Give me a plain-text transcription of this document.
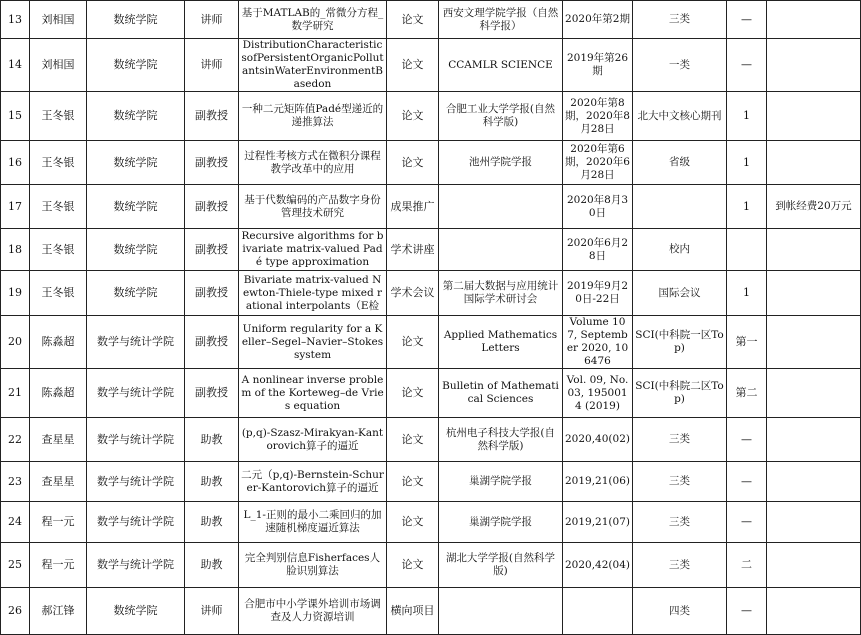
13	刘相国	数统学院	讲师	基于MATLAB的_常微分方程_数学研究	论文	西安文理学院学报（自然科学报）	2020年第2期	三类	—	
14	刘相国	数统学院	讲师	DistributionCharacteristicsofPersistentOrganicPollutantsinWaterEnvironmentBasedon	论文	CCAMLR SCIENCE	2019年第26期	一类	—	
15	王冬银	数统学院	副教授	一种二元矩阵值Padé型递近的递推算法	论文	合肥工业大学学报(自然科学版)	2020年第8期，2020年8月28日	北大中文核心期刊	1	
16	王冬银	数统学院	副教授	过程性考核方式在微积分课程教学改革中的应用	论文	池州学院学报	2020年第6期，2020年6月28日	省级	1	
17	王冬银	数统学院	副教授	基于代数编码的产品数字身份管理技术研究	成果推广		2020年8月30日		1	到帐经费20万元
18	王冬银	数统学院	副教授	Recursive algorithms for bivariate matrix-valued Padé type approximation	学术讲座		2020年6月28日	校内		
19	王冬银	数统学院	副教授	Bivariate matrix-valued Newton-Thiele-type mixed rational interpolants（Ε检	学术会议	第二届大数据与应用统计国际学术研讨会	2019年9月20日-22日	国际会议	1	
20	陈淼超	数学与统计学院	副教授	Uniform regularity for a Keller–Segel–Navier–Stokes system	论文	Applied Mathematics Letters	Volume 107, September 2020, 106476	SCI(中科院一区Top)	第一	
21	陈淼超	数学与统计学院	副教授	A nonlinear inverse problem of the Korteweg–de Vries equation	论文	Bulletin of Mathematical Sciences	Vol. 09, No. 03, 1950014 (2019)	SCI(中科院二区Top)	第二	
22	查星星	数学与统计学院	助教	(p,q)-Szasz-Mirakyan-Kantorovich算子的逼近	论文	杭州电子科技大学报(自然科学版)	2020,40(02)	三类	—	
23	查星星	数学与统计学院	助教	二元（p,q)-Bernstein-Schurer-Kantorovich算子的逼近	论文	巢湖学院学报	2019,21(06)	三类	—	
24	程一元	数学与统计学院	助教	L_1-正则的最小二乘回归的加速随机梯度逼近算法	论文	巢湖学院学报	2019,21(07)	三类	—	
25	程一元	数学与统计学院	助教	完全判别信息Fisherfaces人脸识别算法	论文	湖北大学学报(自然科学版)	2020,42(04)	三类	二	
26	郝江锋	数统学院	讲师	合肥市中小学课外培训市场调查及人力资源培训	横向项目			四类	—	
